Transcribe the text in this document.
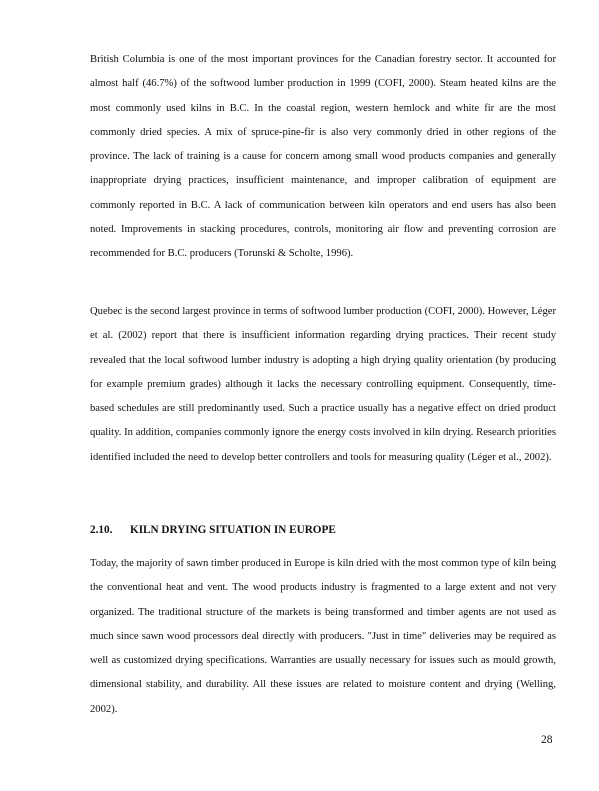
British Columbia is one of the most important provinces for the Canadian forestry sector. It accounted for almost half (46.7%) of the softwood lumber production in 1999 (COFI, 2000). Steam heated kilns are the most commonly used kilns in B.C. In the coastal region, western hemlock and white fir are the most commonly dried species. A mix of spruce-pine-fir is also very commonly dried in other regions of the province. The lack of training is a cause for concern among small wood products companies and generally inappropriate drying practices, insufficient maintenance, and improper calibration of equipment are commonly reported in B.C. A lack of communication between kiln operators and end users has also been noted. Improvements in stacking procedures, controls, monitoring air flow and preventing corrosion are recommended for B.C. producers (Torunski & Scholte, 1996).

Quebec is the second largest province in terms of softwood lumber production (COFI, 2000). However, Léger et al. (2002) report that there is insufficient information regarding drying practices. Their recent study revealed that the local softwood lumber industry is adopting a high drying quality orientation (by producing for example premium grades) although it lacks the necessary controlling equipment. Consequently, time-based schedules are still predominantly used. Such a practice usually has a negative effect on dried product quality. In addition, companies commonly ignore the energy costs involved in kiln drying. Research priorities identified included the need to develop better controllers and tools for measuring quality (Léger et al., 2002).

2.10. KILN DRYING SITUATION IN EUROPE

Today, the majority of sawn timber produced in Europe is kiln dried with the most common type of kiln being the conventional heat and vent. The wood products industry is fragmented to a large extent and not very organized. The traditional structure of the markets is being transformed and timber agents are not used as much since sawn wood processors deal directly with producers. "Just in time" deliveries may be required as well as customized drying specifications. Warranties are usually necessary for issues such as mould growth, dimensional stability, and durability. All these issues are related to moisture content and drying (Welling, 2002).

28
